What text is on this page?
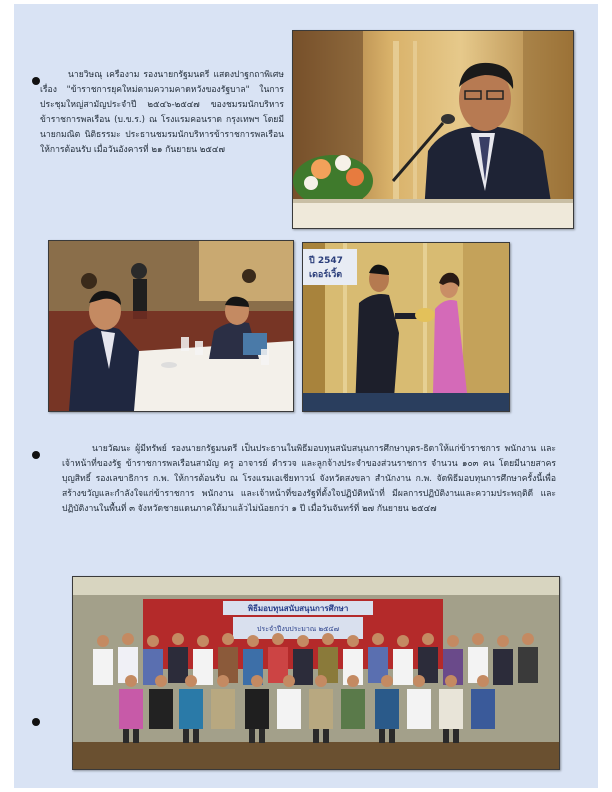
นายวิษณุ เครืองาม รองนายกรัฐมนตรี แสดงปาฐกถาพิเศษเรื่อง "ข้าราชการยุคใหม่ตามความคาดหวังของรัฐบาล" ในการประชุมใหญ่สามัญประจำปี ๒๕๔๖-๒๕๔๗ ของชมรมนักบริหารข้าราชการพลเรือน (บ.ข.ร.) ณ โรงแรมคอนราด กรุงเทพฯ โดยมีนายกมณิต นิติธรรมะ ประธานชมรมนักบริหารข้าราชการพลเรือน ให้การต้อนรับ เมื่อวันอังคารที่ ๒๑ กันยายน ๒๕๔๗

ปี 2547
เดอร์เวิ้ต

นายวัฒนะ ผู้มีทรัพย์ รองนายกรัฐมนตรี เป็นประธานในพิธีมอบทุนสนับสนุนการศึกษาบุตร-ธิดาให้แก่ข้าราชการ พนักงาน และเจ้าหน้าที่ของรัฐ ข้าราชการพลเรือนสามัญ ครู อาจารย์ ตำรวจ และลูกจ้างประจำของส่วนราชการ จำนวน ๑๐๓ คน โดยมีนายสาคร บุญสิทธิ์ รองเลขาธิการ ก.พ. ให้การต้อนรับ ณ โรงแรมเอเชียทาวน์ จังหวัดสงขลา สำนักงาน ก.พ. จัดพิธีมอบทุนการศึกษาครั้งนี้เพื่อสร้างขวัญและกำลังใจแก่ข้าราชการ พนักงาน และเจ้าหน้าที่ของรัฐที่ตั้งใจปฏิบัติหน้าที่ มีผลการปฏิบัติงานและความประพฤติดี และปฏิบัติงานในพื้นที่ ๓ จังหวัดชายแดนภาคใต้มาแล้วไม่น้อยกว่า ๑ ปี เมื่อวันจันทร์ที่ ๒๗ กันยายน ๒๕๔๗

พิธีมอบทุนสนับสนุนการศึกษา
ประจำปีงบประมาณ ๒๕๔๗
